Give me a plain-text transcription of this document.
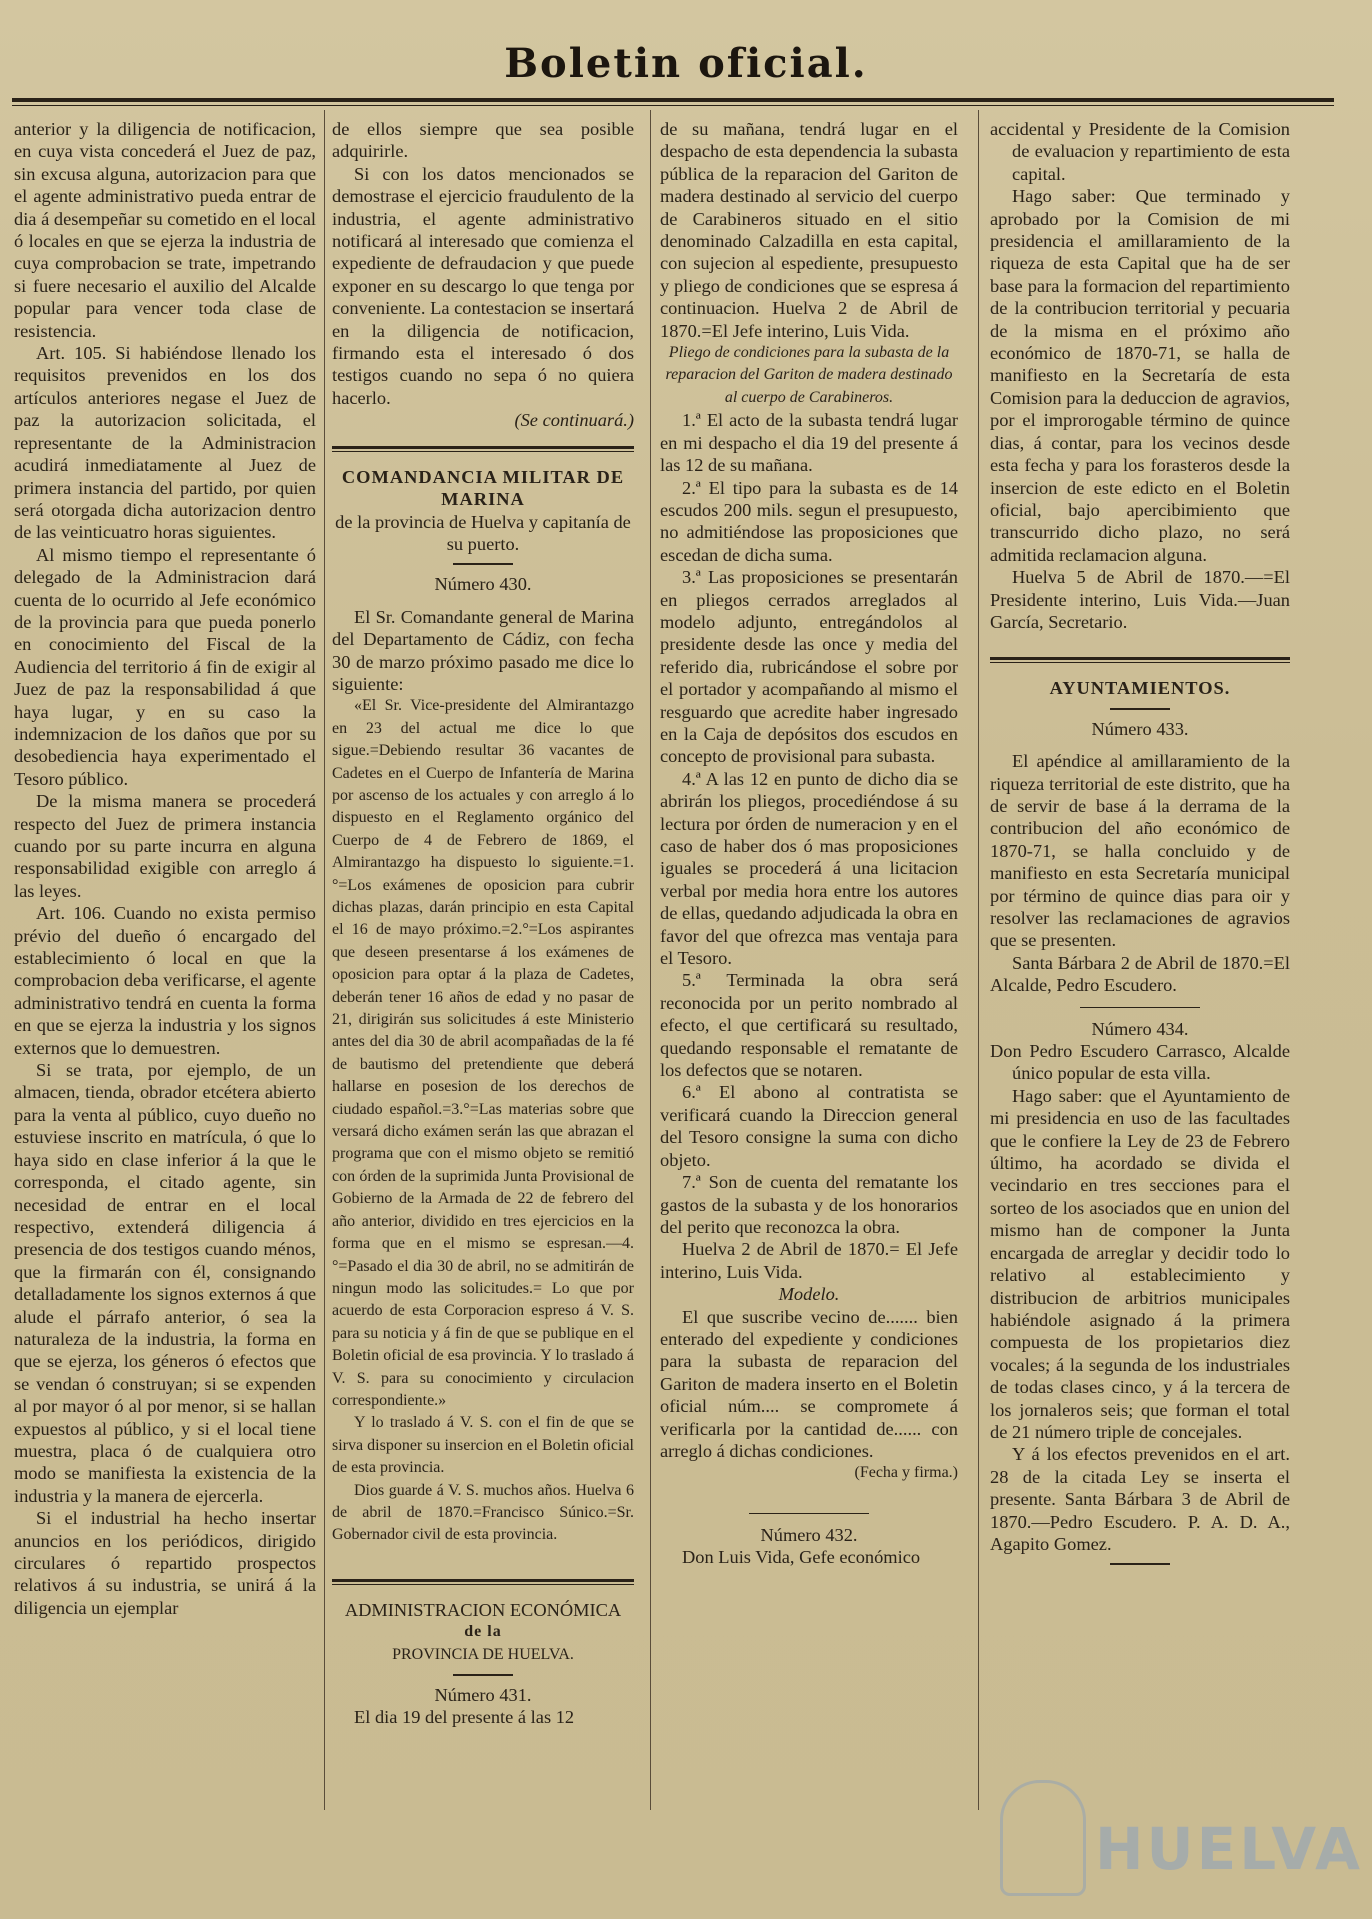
Boletin oficial.

anterior y la diligencia de notificacion, en cuya vista concederá el Juez de paz, sin excusa alguna, autorizacion para que el agente administrativo pueda entrar de dia á desempeñar su cometido en el local ó locales en que se ejerza la industria de cuya comprobacion se trate, impetrando si fuere necesario el auxilio del Alcalde popular para vencer toda clase de resistencia.

Art. 105. Si habiéndose llenado los requisitos prevenidos en los dos artículos anteriores negase el Juez de paz la autorizacion solicitada, el representante de la Administracion acudirá inmediatamente al Juez de primera instancia del partido, por quien será otorgada dicha autorizacion dentro de las veinticuatro horas siguientes.

Al mismo tiempo el representante ó delegado de la Administracion dará cuenta de lo ocurrido al Jefe económico de la provincia para que pueda ponerlo en conocimiento del Fiscal de la Audiencia del territorio á fin de exigir al Juez de paz la responsabilidad á que haya lugar, y en su caso la indemnizacion de los daños que por su desobediencia haya experimentado el Tesoro público.

De la misma manera se procederá respecto del Juez de primera instancia cuando por su parte incurra en alguna responsabilidad exigible con arreglo á las leyes.

Art. 106. Cuando no exista permiso prévio del dueño ó encargado del establecimiento ó local en que la comprobacion deba verificarse, el agente administrativo tendrá en cuenta la forma en que se ejerza la industria y los signos externos que lo demuestren.

Si se trata, por ejemplo, de un almacen, tienda, obrador etcétera abierto para la venta al público, cuyo dueño no estuviese inscrito en matrícula, ó que lo haya sido en clase inferior á la que le corresponda, el citado agente, sin necesidad de entrar en el local respectivo, extenderá diligencia á presencia de dos testigos cuando ménos, que la firmarán con él, consignando detalladamente los signos externos á que alude el párrafo anterior, ó sea la naturaleza de la industria, la forma en que se ejerza, los géneros ó efectos que se vendan ó construyan; si se expenden al por mayor ó al por menor, si se hallan expuestos al público, y si el local tiene muestra, placa ó de cualquiera otro modo se manifiesta la existencia de la industria y la manera de ejercerla.

Si el industrial ha hecho insertar anuncios en los periódicos, dirigido circulares ó repartido prospectos relativos á su industria, se unirá á la diligencia un ejemplar

de ellos siempre que sea posible adquirirle.

Si con los datos mencionados se demostrase el ejercicio fraudulento de la industria, el agente administrativo notificará al interesado que comienza el expediente de defraudacion y que puede exponer en su descargo lo que tenga por conveniente. La contestacion se insertará en la diligencia de notificacion, firmando esta el interesado ó dos testigos cuando no sepa ó no quiera hacerlo.

(Se continuará.)

COMANDANCIA MILITAR DE MARINA

de la provincia de Huelva y capitanía de su puerto.

Número 430.

El Sr. Comandante general de Marina del Departamento de Cádiz, con fecha 30 de marzo próximo pasado me dice lo siguiente:

«El Sr. Vice-presidente del Almirantazgo en 23 del actual me dice lo que sigue.=Debiendo resultar 36 vacantes de Cadetes en el Cuerpo de Infantería de Marina por ascenso de los actuales y con arreglo á lo dispuesto en el Reglamento orgánico del Cuerpo de 4 de Febrero de 1869, el Almirantazgo ha dispuesto lo siguiente.=1.°=Los exámenes de oposicion para cubrir dichas plazas, darán principio en esta Capital el 16 de mayo próximo.=2.°=Los aspirantes que deseen presentarse á los exámenes de oposicion para optar á la plaza de Cadetes, deberán tener 16 años de edad y no pasar de 21, dirigirán sus solicitudes á este Ministerio antes del dia 30 de abril acompañadas de la fé de bautismo del pretendiente que deberá hallarse en posesion de los derechos de ciudado español.=3.°=Las materias sobre que versará dicho exámen serán las que abrazan el programa que con el mismo objeto se remitió con órden de la suprimida Junta Provisional de Gobierno de la Armada de 22 de febrero del año anterior, dividido en tres ejercicios en la forma que en el mismo se espresan.—4.°=Pasado el dia 30 de abril, no se admitirán de ningun modo las solicitudes.= Lo que por acuerdo de esta Corporacion espreso á V. S. para su noticia y á fin de que se publique en el Boletin oficial de esa provincia. Y lo traslado á V. S. para su conocimiento y circulacion correspondiente.»

Y lo traslado á V. S. con el fin de que se sirva disponer su insercion en el Boletin oficial de esta provincia.

Dios guarde á V. S. muchos años. Huelva 6 de abril de 1870.=Francisco Súnico.=Sr. Gobernador civil de esta provincia.

ADMINISTRACION ECONÓMICA

de la

PROVINCIA DE HUELVA.

Número 431.

El dia 19 del presente á las 12

de su mañana, tendrá lugar en el despacho de esta dependencia la subasta pública de la reparacion del Gariton de madera destinado al servicio del cuerpo de Carabineros situado en el sitio denominado Calzadilla en esta capital, con sujecion al espediente, presupuesto y pliego de condiciones que se espresa á continuacion. Huelva 2 de Abril de 1870.=El Jefe interino, Luis Vida.

Pliego de condiciones para la subasta de la reparacion del Gariton de madera destinado al cuerpo de Carabineros.

1.ª El acto de la subasta tendrá lugar en mi despacho el dia 19 del presente á las 12 de su mañana.

2.ª El tipo para la subasta es de 14 escudos 200 mils. segun el presupuesto, no admitiéndose las proposiciones que escedan de dicha suma.

3.ª Las proposiciones se presentarán en pliegos cerrados arreglados al modelo adjunto, entregándolos al presidente desde las once y media del referido dia, rubricándose el sobre por el portador y acompañando al mismo el resguardo que acredite haber ingresado en la Caja de depósitos dos escudos en concepto de provisional para subasta.

4.ª A las 12 en punto de dicho dia se abrirán los pliegos, procediéndose á su lectura por órden de numeracion y en el caso de haber dos ó mas proposiciones iguales se procederá á una licitacion verbal por media hora entre los autores de ellas, quedando adjudicada la obra en favor del que ofrezca mas ventaja para el Tesoro.

5.ª Terminada la obra será reconocida por un perito nombrado al efecto, el que certificará su resultado, quedando responsable el rematante de los defectos que se notaren.

6.ª El abono al contratista se verificará cuando la Direccion general del Tesoro consigne la suma con dicho objeto.

7.ª Son de cuenta del rematante los gastos de la subasta y de los honorarios del perito que reconozca la obra.

Huelva 2 de Abril de 1870.= El Jefe interino, Luis Vida.

Modelo.

El que suscribe vecino de....... bien enterado del expediente y condiciones para la subasta de reparacion del Gariton de madera inserto en el Boletin oficial núm.... se compromete á verificarla por la cantidad de...... con arreglo á dichas condiciones.

(Fecha y firma.)

Número 432.

Don Luis Vida, Gefe económico

accidental y Presidente de la Comision de evaluacion y repartimiento de esta capital.

Hago saber: Que terminado y aprobado por la Comision de mi presidencia el amillaramiento de la riqueza de esta Capital que ha de ser base para la formacion del repartimiento de la contribucion territorial y pecuaria de la misma en el próximo año económico de 1870-71, se halla de manifiesto en la Secretaría de esta Comision para la deduccion de agravios, por el improrogable término de quince dias, á contar, para los vecinos desde esta fecha y para los forasteros desde la insercion de este edicto en el Boletin oficial, bajo apercibimiento que transcurrido dicho plazo, no será admitida reclamacion alguna.

Huelva 5 de Abril de 1870.—=El Presidente interino, Luis Vida.—Juan García, Secretario.

AYUNTAMIENTOS.

Número 433.

El apéndice al amillaramiento de la riqueza territorial de este distrito, que ha de servir de base á la derrama de la contribucion del año económico de 1870-71, se halla concluido y de manifiesto en esta Secretaría municipal por término de quince dias para oir y resolver las reclamaciones de agravios que se presenten.

Santa Bárbara 2 de Abril de 1870.=El Alcalde, Pedro Escudero.

Número 434.

Don Pedro Escudero Carrasco, Alcalde único popular de esta villa.

Hago saber: que el Ayuntamiento de mi presidencia en uso de las facultades que le confiere la Ley de 23 de Febrero último, ha acordado se divida el vecindario en tres secciones para el sorteo de los asociados que en union del mismo han de componer la Junta encargada de arreglar y decidir todo lo relativo al establecimiento y distribucion de arbitrios municipales habiéndole asignado á la primera compuesta de los propietarios diez vocales; á la segunda de los industriales de todas clases cinco, y á la tercera de los jornaleros seis; que forman el total de 21 número triple de concejales.

Y á los efectos prevenidos en el art. 28 de la citada Ley se inserta el presente. Santa Bárbara 3 de Abril de 1870.—Pedro Escudero. P. A. D. A., Agapito Gomez.

HUELVA
